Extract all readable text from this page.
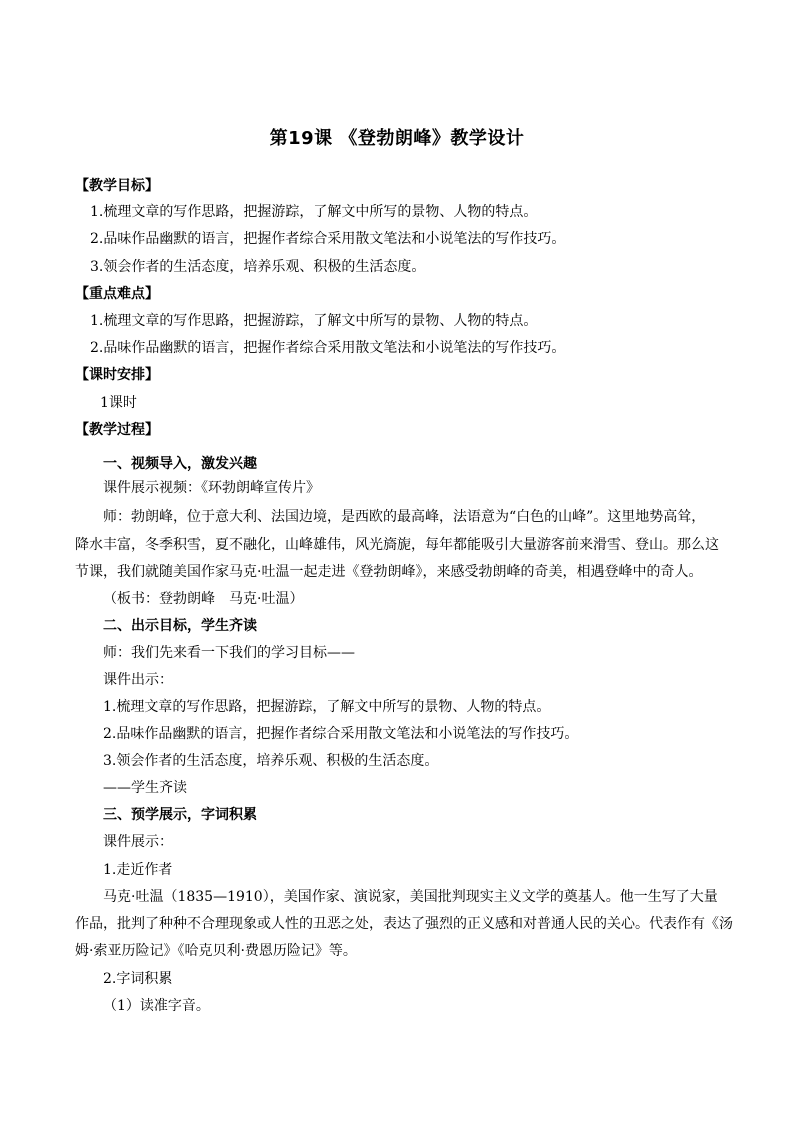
第19课 《登勃朗峰》教学设计
【教学目标】
1.梳理文章的写作思路，把握游踪，了解文中所写的景物、人物的特点。
2.品味作品幽默的语言，把握作者综合采用散文笔法和小说笔法的写作技巧。
3.领会作者的生活态度，培养乐观、积极的生活态度。
【重点难点】
1.梳理文章的写作思路，把握游踪，了解文中所写的景物、人物的特点。
2.品味作品幽默的语言，把握作者综合采用散文笔法和小说笔法的写作技巧。
【课时安排】
1课时
【教学过程】
一、视频导入，激发兴趣
课件展示视频：《环勃朗峰宣传片》
师：勃朗峰，位于意大利、法国边境，是西欧的最高峰，法语意为“白色的山峰”。这里地势高耸，
降水丰富，冬季积雪，夏不融化，山峰雄伟，风光旖旎，每年都能吸引大量游客前来滑雪、登山。那么这
节课，我们就随美国作家马克·吐温一起走进《登勃朗峰》，来感受勃朗峰的奇美，相遇登峰中的奇人。
（板书：登勃朗峰　马克·吐温）
二、出示目标，学生齐读
师：我们先来看一下我们的学习目标——
课件出示：
1.梳理文章的写作思路，把握游踪，了解文中所写的景物、人物的特点。
2.品味作品幽默的语言，把握作者综合采用散文笔法和小说笔法的写作技巧。
3.领会作者的生活态度，培养乐观、积极的生活态度。
——学生齐读
三、预学展示，字词积累
课件展示：
1.走近作者
马克·吐温（1835—1910），美国作家、演说家，美国批判现实主义文学的奠基人。他一生写了大量
作品，批判了种种不合理现象或人性的丑恶之处，表达了强烈的正义感和对普通人民的关心。代表作有《汤
姆·索亚历险记》《哈克贝利·费恩历险记》等。
2.字词积累
（1）读准字音。
